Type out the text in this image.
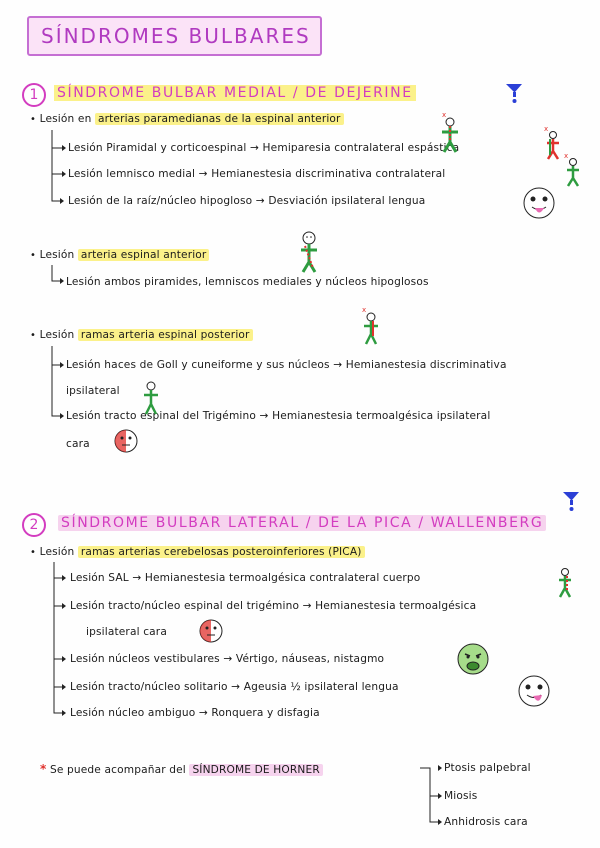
SÍNDROMES BULBARES
1	SÍNDROME BULBAR MEDIAL / DE DEJERINE
• Lesión en arterias paramedianas de la espinal anterior
Lesión Piramidal y corticoespinal → Hemiparesia contralateral espástica
Lesión lemnisco medial → Hemianestesia discriminativa contralateral
Lesión de la raíz/núcleo hipogloso → Desviación ipsilateral lengua
• Lesión arteria espinal anterior
Lesión ambos piramides, lemniscos mediales y núcleos hipoglosos
• Lesión ramas arteria espinal posterior
Lesión haces de Goll y cuneiforme y sus núcleos → Hemianestesia discriminativa
ipsilateral
Lesión tracto espinal del Trigémino → Hemianestesia termoalgésica ipsilateral
cara
x
x
x
x
2	SÍNDROME BULBAR LATERAL / DE LA PICA / WALLENBERG
• Lesión ramas arterias cerebelosas posteroinferiores (PICA)
Lesión SAL → Hemianestesia termoalgésica contralateral cuerpo
Lesión tracto/núcleo espinal del trigémino → Hemianestesia termoalgésica
ipsilateral cara
Lesión núcleos vestibulares → Vértigo, náuseas, nistagmo
Lesión tracto/núcleo solitario → Ageusia ½ ipsilateral lengua
Lesión núcleo ambiguo → Ronquera y disfagia
* Se puede acompañar del SÍNDROME DE HORNER	Ptosis palpebral
Miosis
Anhidrosis cara
